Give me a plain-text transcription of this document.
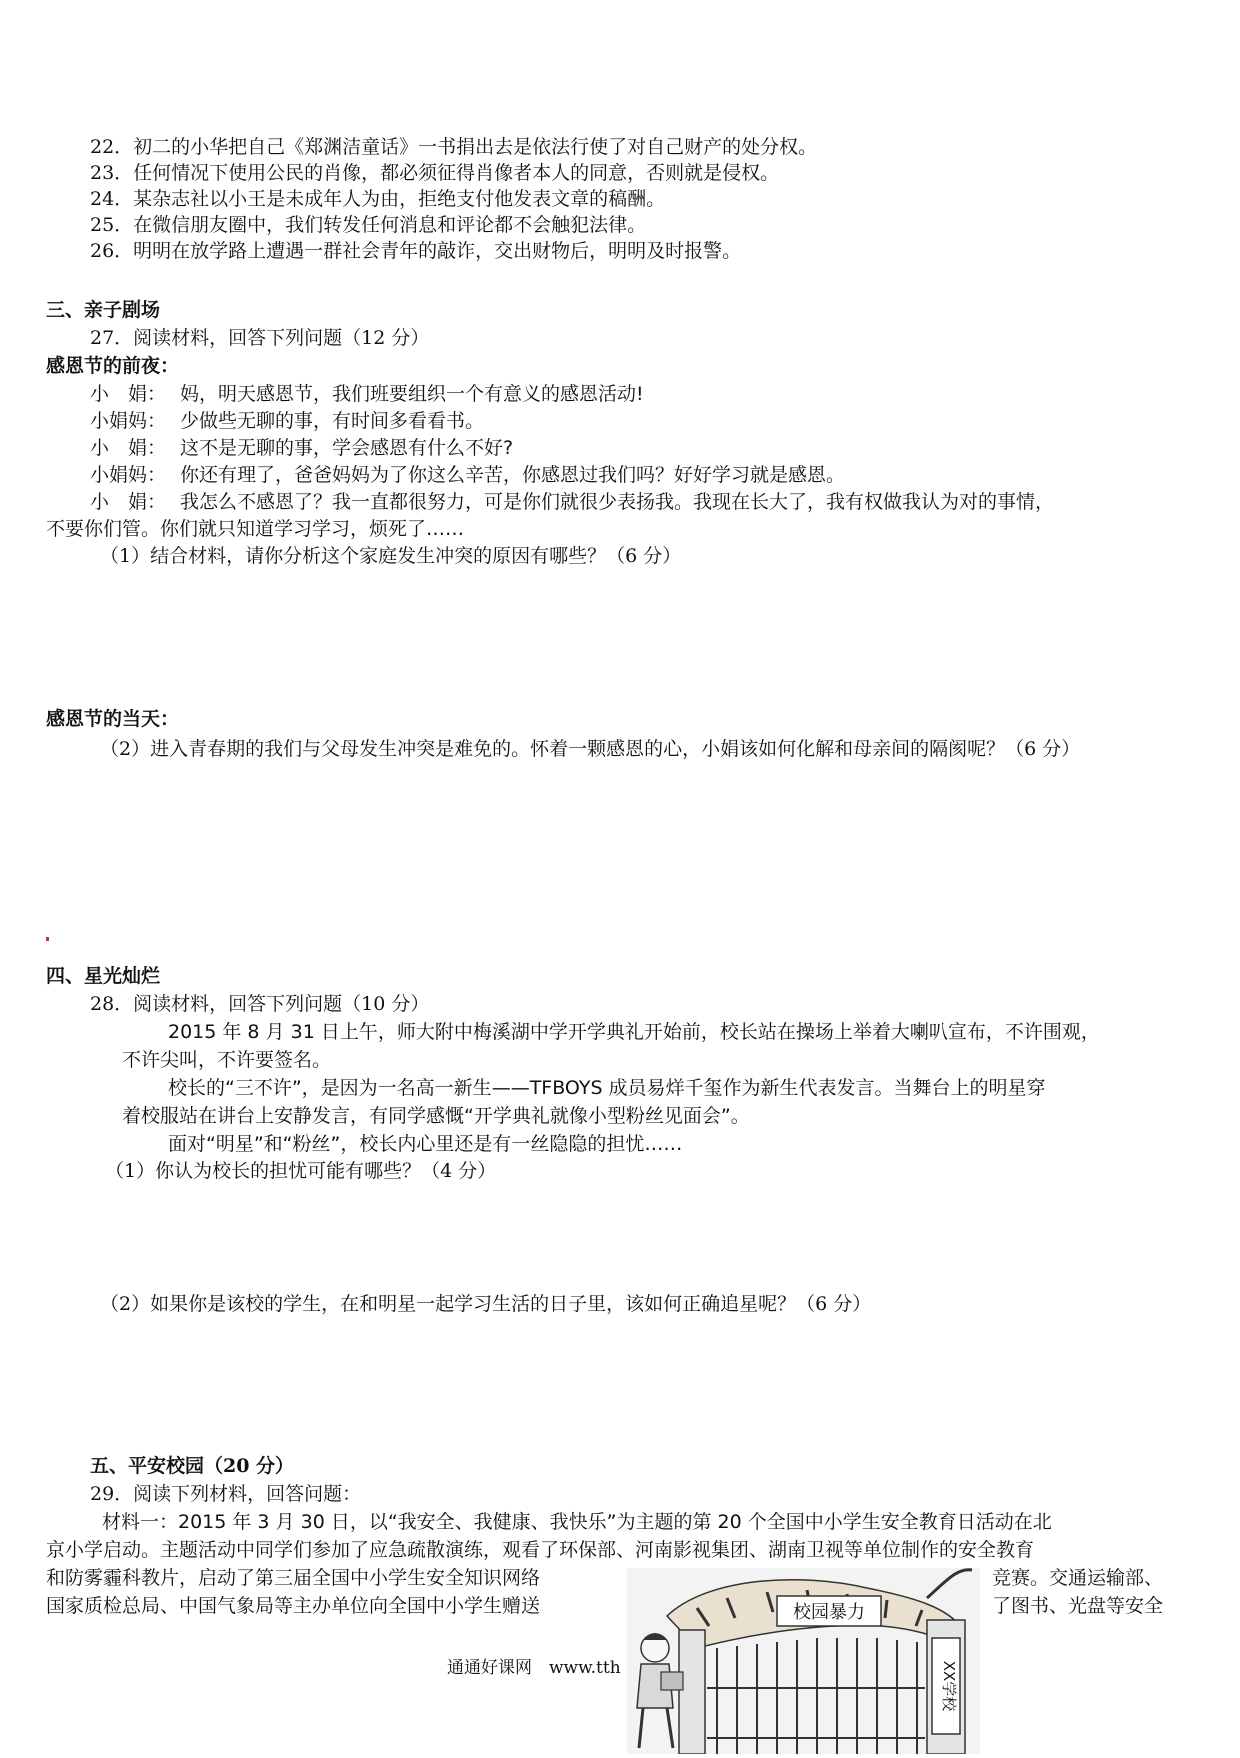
22．初二的小华把自己《郑渊洁童话》一书捐出去是依法行使了对自己财产的处分权。
23．任何情况下使用公民的肖像，都必须征得肖像者本人的同意，否则就是侵权。
24．某杂志社以小王是未成年人为由，拒绝支付他发表文章的稿酬。
25．在微信朋友圈中，我们转发任何消息和评论都不会触犯法律。
26．明明在放学路上遭遇一群社会青年的敲诈，交出财物后，明明及时报警。
三、亲子剧场
27．阅读材料，回答下列问题（12 分）
感恩节的前夜：
小　娟： 妈，明天感恩节，我们班要组织一个有意义的感恩活动!
小娟妈： 少做些无聊的事，有时间多看看书。
小　娟： 这不是无聊的事，学会感恩有什么不好?
小娟妈： 你还有理了，爸爸妈妈为了你这么辛苦，你感恩过我们吗？好好学习就是感恩。
小　娟： 我怎么不感恩了？我一直都很努力，可是你们就很少表扬我。我现在长大了，我有权做我认为对的事情，
不要你们管。你们就只知道学习学习，烦死了……
（1）结合材料，请你分析这个家庭发生冲突的原因有哪些？（6 分）
感恩节的当天：
（2）进入青春期的我们与父母发生冲突是难免的。怀着一颗感恩的心，小娟该如何化解和母亲间的隔阂呢？（6 分）
四、星光灿烂
28．阅读材料，回答下列问题（10 分）
2015 年 8 月 31 日上午，师大附中梅溪湖中学开学典礼开始前，校长站在操场上举着大喇叭宣布，不许围观，
不许尖叫，不许要签名。
校长的“三不许”，是因为一名高一新生——TFBOYS 成员易烊千玺作为新生代表发言。当舞台上的明星穿
着校服站在讲台上安静发言，有同学感慨“开学典礼就像小型粉丝见面会”。
面对“明星”和“粉丝”，校长内心里还是有一丝隐隐的担忧……
（1）你认为校长的担忧可能有哪些？（4 分）
（2）如果你是该校的学生，在和明星一起学习生活的日子里，该如何正确追星呢？（6 分）
五、平安校园（20 分）
29．阅读下列材料，回答问题：
材料一：2015 年 3 月 30 日，以“我安全、我健康、我快乐”为主题的第 20 个全国中小学生安全教育日活动在北
京小学启动。主题活动中同学们参加了应急疏散演练，观看了环保部、河南影视集团、湖南卫视等单位制作的安全教育
和防雾霾科教片，启动了第三届全国中小学生安全知识网络	竞赛。交通运输部、
国家质检总局、中国气象局等主办单位向全国中小学生赠送	了图书、光盘等安全
通通好课网　www.tth
校园暴力
XX学校
